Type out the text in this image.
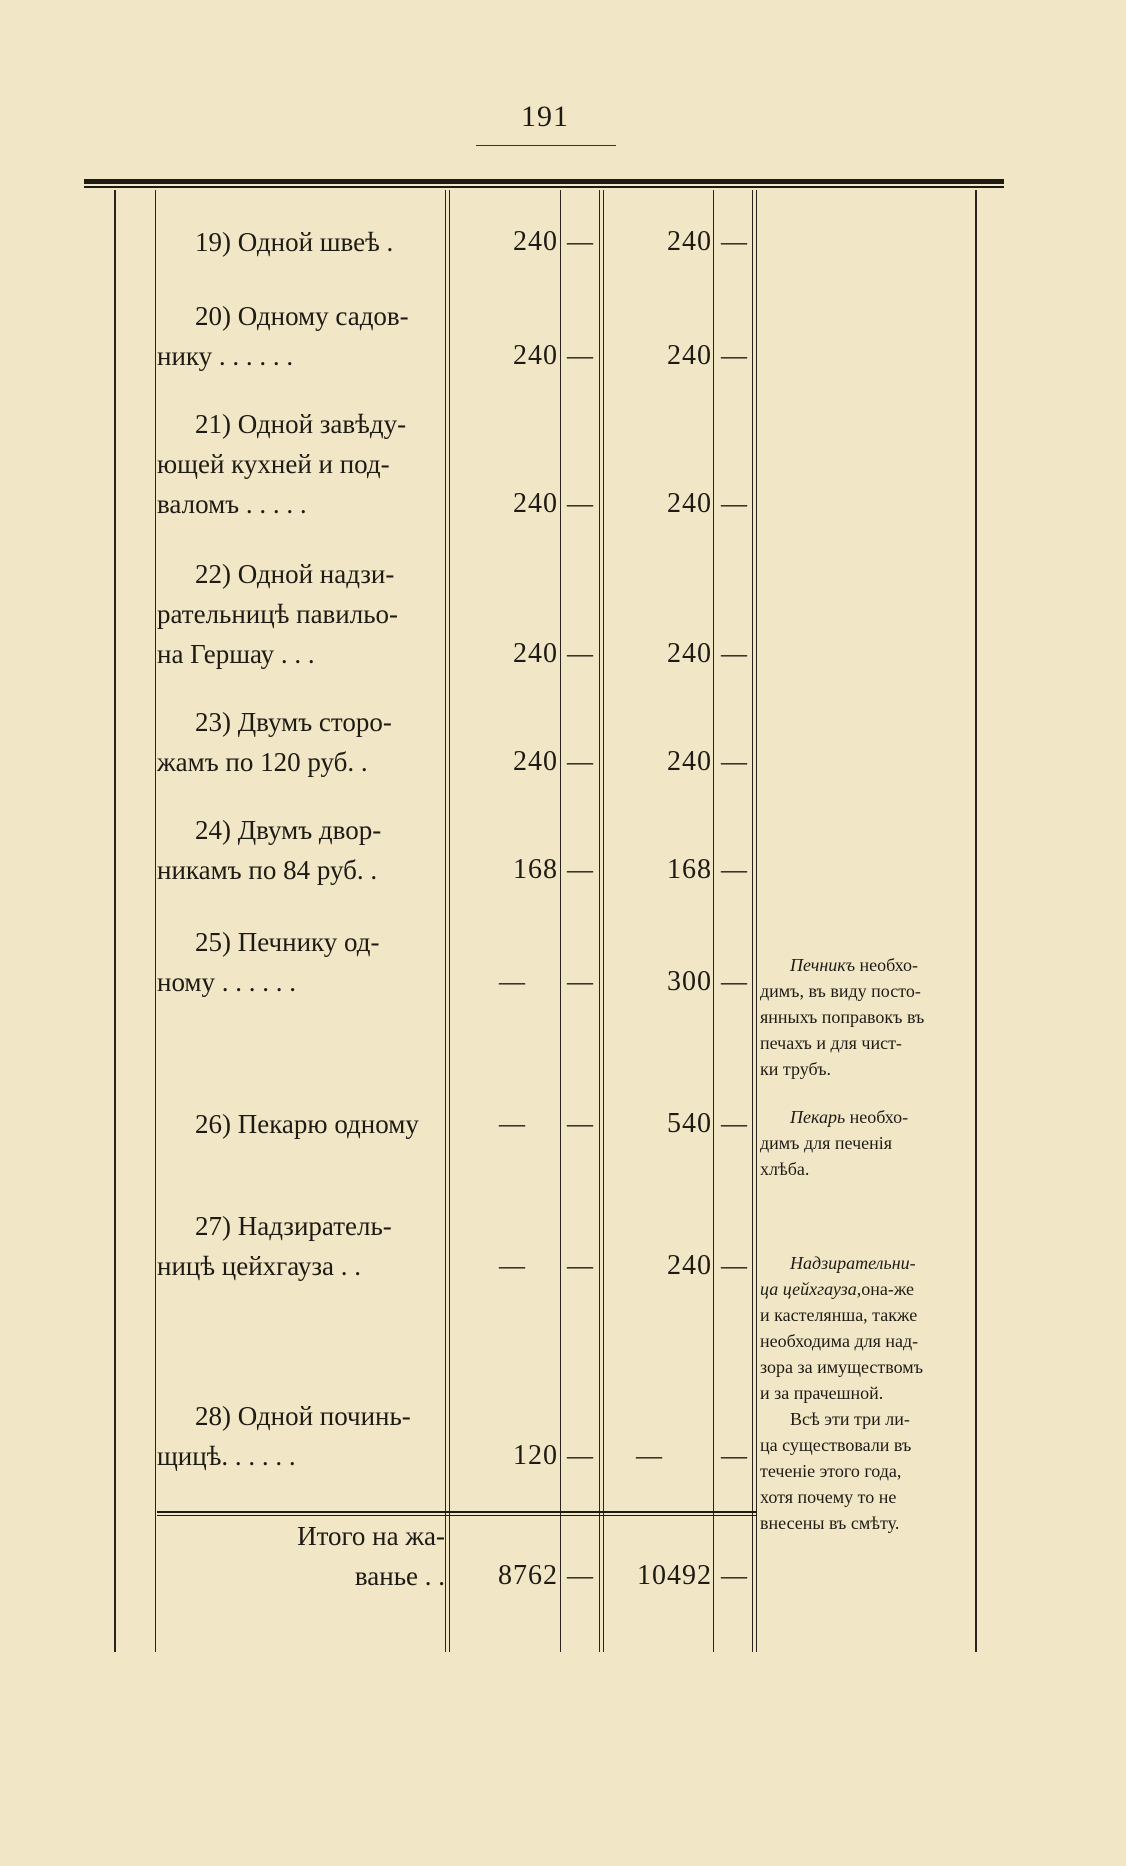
191
19) Одной швеѣ .	240 —	240 —
20) Одному садов-
нику . . . . . .	240 —	240 —
21) Одной завѣду-
ющей кухней и под-
валомъ . . . . .	240 —	240 —
22) Одной надзи-
рательницѣ павильо-
на Гершау . . .	240 —	240 —
23) Двумъ сторо-
жамъ по 120 руб. .	240 —	240 —
24) Двумъ двор-
никамъ по 84 руб. .	168 —	168 —
25) Печнику од-
ному . . . . . .	—	—	300 —
Печникъ необхо-
димъ, въ виду посто-
янныхъ поправокъ въ
печахъ и для чист-
ки трубъ.
26) Пекарю одному	—	—	540 —	Пекарь необхо-
димъ для печенія
хлѣба.
27) Надзиратель-
ницѣ цейхгауза . .	—	—	240 —	Надзирательни-
ца цейхгауза,она-же
и кастелянша, также
необходима для над-
зора за имуществомъ
и за прачешной.
Всѣ эти три ли-
ца существовали въ
теченіе этого года,
хотя почему то не
внесены въ смѣту.
28) Одной починь-
щицѣ. . . . . .	120 —	—	—
Итого на жа-
ванье . .	8762 —	10492 —
